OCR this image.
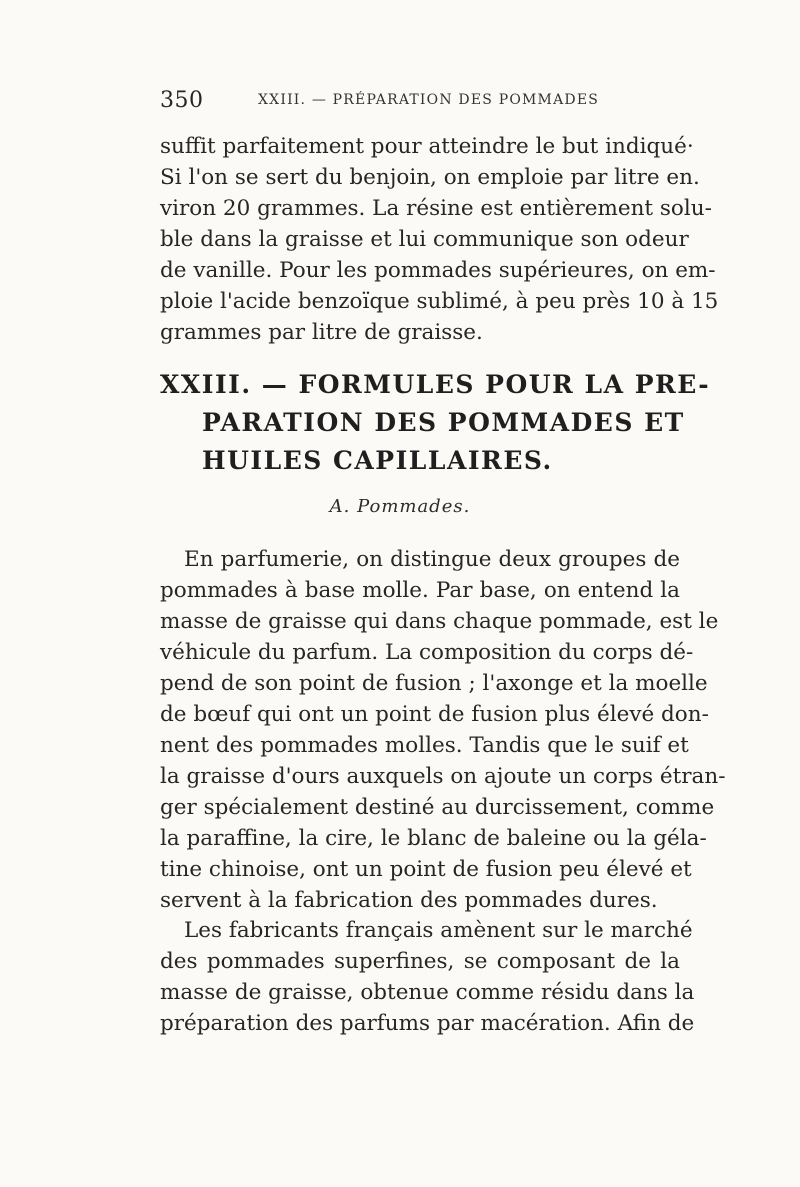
350	XXIII. — PRÉPARATION DES POMMADES
suffit parfaitement pour atteindre le but indiqué·
Si l'on se sert du benjoin, on emploie par litre en.
viron 20 grammes. La résine est entièrement solu-
ble dans la graisse et lui communique son odeur
de vanille. Pour les pommades supérieures, on em-
ploie l'acide benzoïque sublimé, à peu près 10 à 15
grammes par litre de graisse.
XXIII. — FORMULES POUR LA PRE-
PARATION DES POMMADES ET
HUILES CAPILLAIRES.
A. Pommades.
En parfumerie, on distingue deux groupes de
pommades à base molle. Par base, on entend la
masse de graisse qui dans chaque pommade, est le
véhicule du parfum. La composition du corps dé-
pend de son point de fusion ; l'axonge et la moelle
de bœuf qui ont un point de fusion plus élevé don-
nent des pommades molles. Tandis que le suif et
la graisse d'ours auxquels on ajoute un corps étran-
ger spécialement destiné au durcissement, comme
la paraffine, la cire, le blanc de baleine ou la géla-
tine chinoise, ont un point de fusion peu élevé et
servent à la fabrication des pommades dures.
Les fabricants français amènent sur le marché
des pommades superfines, se composant de la
masse de graisse, obtenue comme résidu dans la
préparation des parfums par macération. Afin de
